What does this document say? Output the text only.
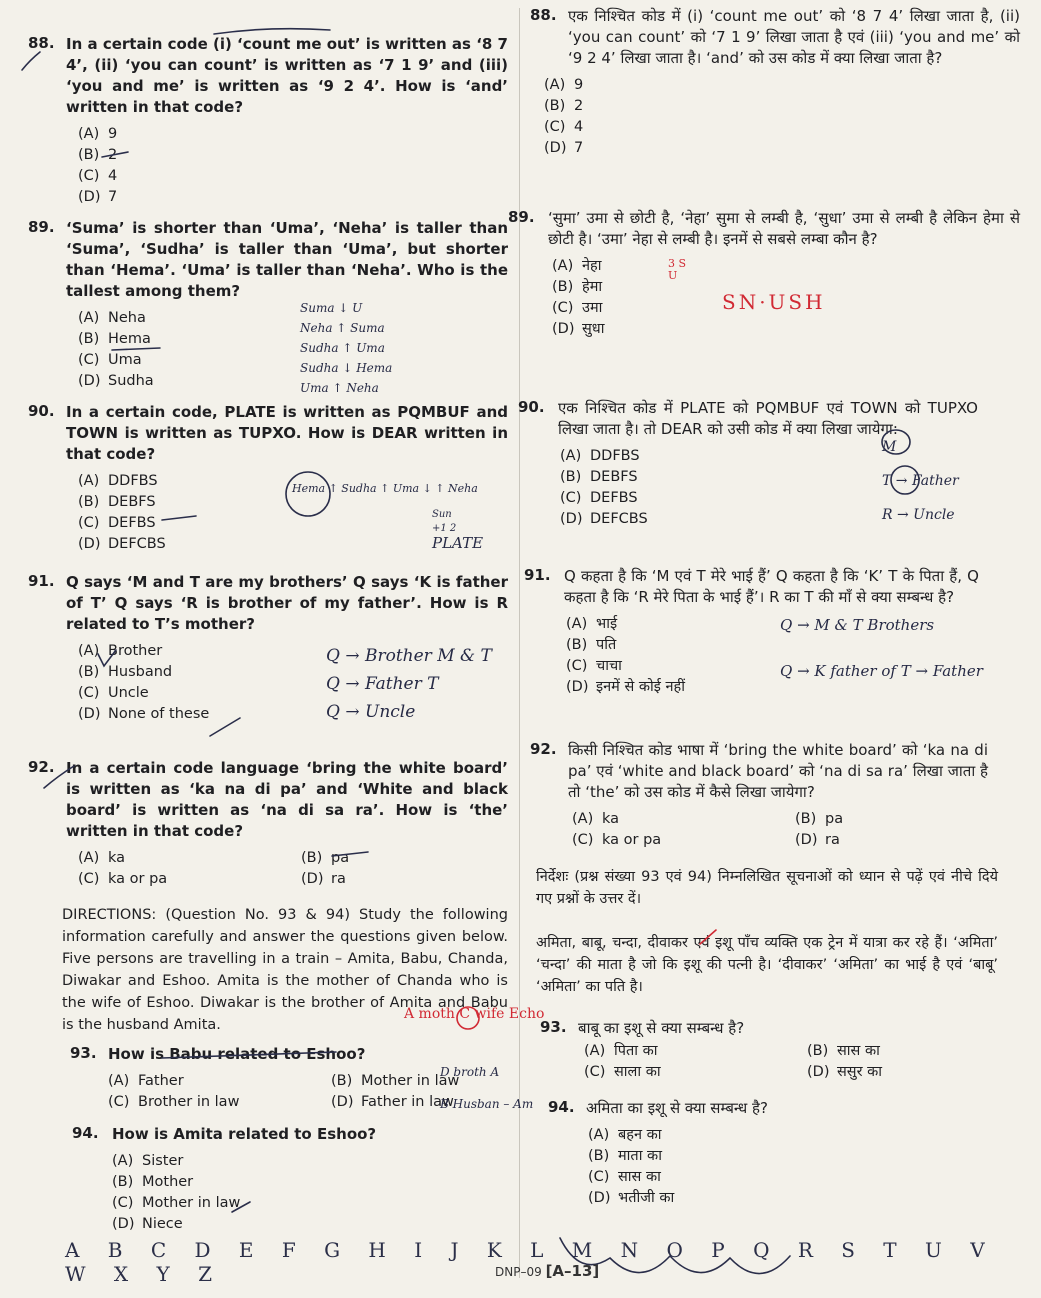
88. In a certain code (i) ‘count me out’ is written as ‘8 7 4’, (ii) ‘you can count’ is written as ‘7 1 9’ and (iii) ‘you and me’ is written as ‘9 2 4’. How is ‘and’ written in that code?
(A) 9
(B) 2
(C) 4
(D) 7
89. ‘Suma’ is shorter than ‘Uma’, ‘Neha’ is taller than ‘Suma’, ‘Sudha’ is taller than ‘Uma’, but shorter than ‘Hema’. ‘Uma’ is taller than ‘Neha’. Who is the tallest among them?
(A) Neha
(B) Hema
(C) Uma
(D) Sudha
90. In a certain code, PLATE is written as PQMBUF and TOWN is written as TUPXO. How is DEAR written in that code?
(A) DDFBS
(B) DEBFS
(C) DEFBS
(D) DEFCBS
91. Q says ‘M and T are my brothers’ Q says ‘K is father of T’ Q says ‘R is brother of my father’. How is R related to T’s mother?
(A) Brother
(B) Husband
(C) Uncle
(D) None of these
92. In a certain code language ‘bring the white board’ is written as ‘ka na di pa’ and ‘White and black board’ is written as ‘na di sa ra’. How is ‘the’ written in that code?
(A) ka	(B) pa
(C) ka or pa	(D) ra
DIRECTIONS: (Question No. 93 & 94) Study the following information carefully and answer the questions given below. Five persons are travelling in a train – Amita, Babu, Chanda, Diwakar and Eshoo. Amita is the mother of Chanda who is the wife of Eshoo. Diwakar is the brother of Amita and Babu is the husband Amita.
93. How is Babu related to Eshoo?
(A) Father	(B) Mother in law
(C) Brother in law	(D) Father in law
94. How is Amita related to Eshoo?
(A) Sister
(B) Mother
(C) Mother in law
(D) Niece
88. एक निश्चित कोड में (i) ‘count me out’ को ‘8 7 4’ लिखा जाता है, (ii) ‘you can count’ को ‘7 1 9’ लिखा जाता है एवं (iii) ‘you and me’ को ‘9 2 4’ लिखा जाता है। ‘and’ को उस कोड में क्या लिखा जाता है?
(A) 9
(B) 2
(C) 4
(D) 7
89. ‘सुमा’ उमा से छोटी है, ‘नेहा’ सुमा से लम्बी है, ‘सुधा’ उमा से लम्बी है लेकिन हेमा से छोटी है। ‘उमा’ नेहा से लम्बी है। इनमें से सबसे लम्बा कौन है?
(A) नेहा
(B) हेमा
(C) उमा
(D) सुधा
90. एक निश्चित कोड में PLATE को PQMBUF एवं TOWN को TUPXO लिखा जाता है। तो DEAR को उसी कोड में क्या लिखा जायेगा:
(A) DDFBS
(B) DEBFS
(C) DEFBS
(D) DEFCBS
91. Q कहता है कि ‘M एवं T मेरे भाई हैं’ Q कहता है कि ‘K’ T के पिता हैं, Q कहता है कि ‘R मेरे पिता के भाई हैं’। R का T की माँ से क्या सम्बन्ध है?
(A) भाई
(B) पति
(C) चाचा
(D) इनमें से कोई नहीं
92. किसी निश्चित कोड भाषा में ‘bring the white board’ को ‘ka na di pa’ एवं ‘white and black board’ को ‘na di sa ra’ लिखा जाता है तो ‘the’ को उस कोड में कैसे लिखा जायेगा?
(A) ka	(B) pa
(C) ka or pa	(D) ra
निर्देशः (प्रश्न संख्या 93 एवं 94) निम्नलिखित सूचनाओं को ध्यान से पढ़ें एवं नीचे दिये गए प्रश्नों के उत्तर दें।
अमिता, बाबू, चन्दा, दीवाकर एवं इशू पाँच व्यक्ति एक ट्रेन में यात्रा कर रहे हैं। ‘अमिता’ ‘चन्दा’ की माता है जो कि इशू की पत्नी है। ‘दीवाकर’ ‘अमिता’ का भाई है एवं ‘बाबू’ ‘अमिता’ का पति है।
93. बाबू का इशू से क्या सम्बन्ध है?
(A) पिता का	(B) सास का
(C) साला का	(D) ससुर का
94. अमिता का इशू से क्या सम्बन्ध है?
(A) बहन का
(B) माता का
(C) सास का
(D) भतीजी का
Suma ↓ U
Neha ↑ Suma
Sudha ↑ Uma
Sudha ↓ Hema
Uma ↑ Neha
Hema ↑ Sudha ↑ Uma ↓ ↑ Neha
Sun
+1 2
PLATE
Q → Brother M & T
Q → Father T
Q → Uncle
Q → M & T Brothers
Q → K father of T → Father
SN·USH
3 S U
M
T → Father
R → Uncle
A moth C wife Echo
D broth A
B Husban – Am
A B C D E F G H I J K L M N O P Q R S T U V W X Y Z	DNP–09 [A–13]
